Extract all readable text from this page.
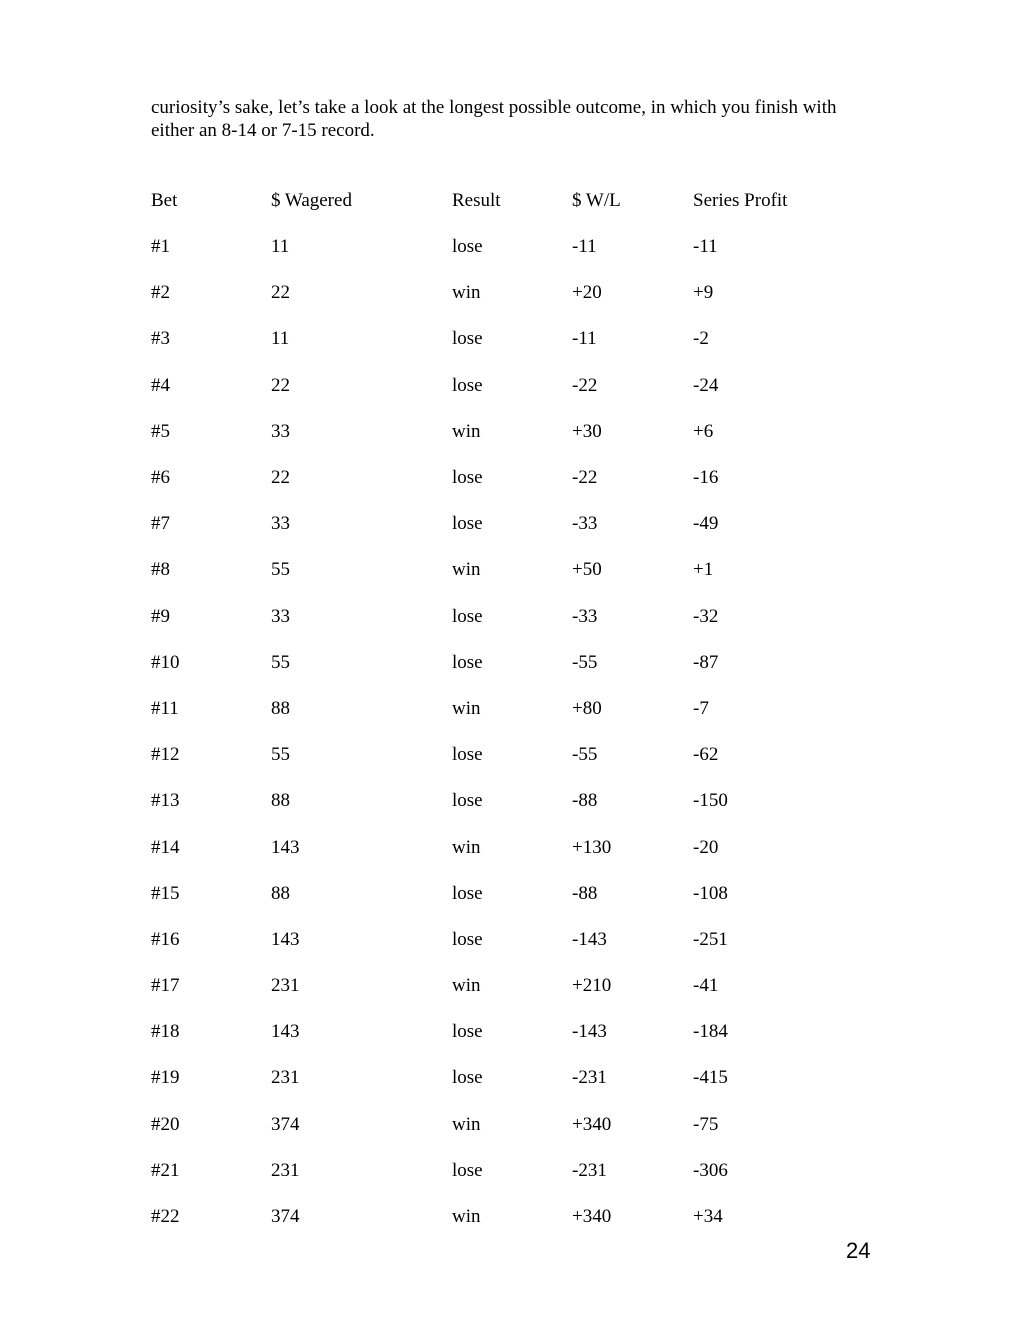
curiosity’s sake, let’s take a look at the longest possible outcome, in which you finish with either an 8-14 or 7-15 record.

Bet	$ Wagered	Result	$ W/L	Series Profit
#1	11	lose	-11	-11
#2	22	win	+20	+9
#3	11	lose	-11	-2
#4	22	lose	-22	-24
#5	33	win	+30	+6
#6	22	lose	-22	-16
#7	33	lose	-33	-49
#8	55	win	+50	+1
#9	33	lose	-33	-32
#10	55	lose	-55	-87
#11	88	win	+80	-7
#12	55	lose	-55	-62
#13	88	lose	-88	-150
#14	143	win	+130	-20
#15	88	lose	-88	-108
#16	143	lose	-143	-251
#17	231	win	+210	-41
#18	143	lose	-143	-184
#19	231	lose	-231	-415
#20	374	win	+340	-75
#21	231	lose	-231	-306
#22	374	win	+340	+34
24
